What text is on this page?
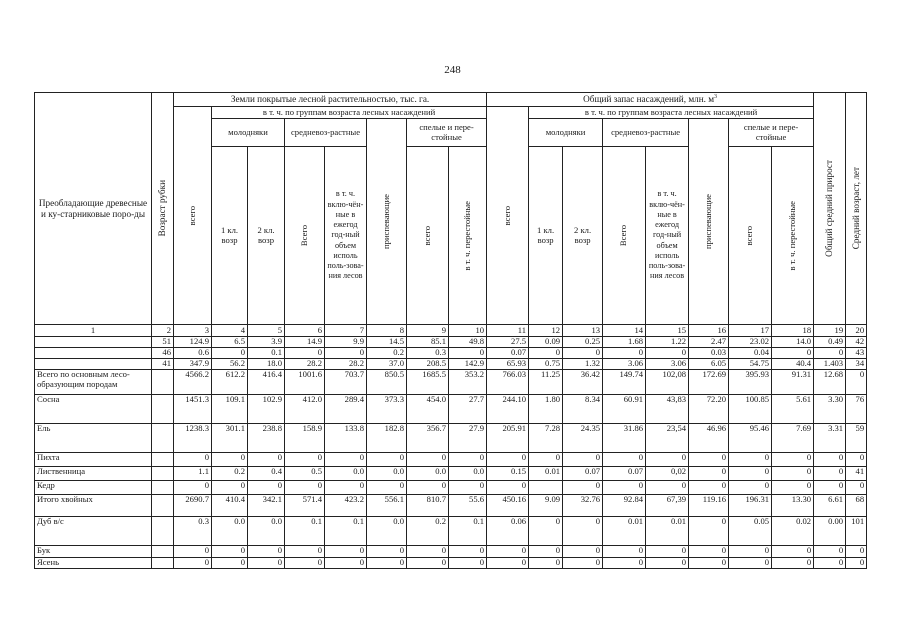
248
Преобладающие древесные и ку-старниковые поро-ды	Возраст рубки	Земли покрытые лесной растительностью, тыс. га.								Общий запас насаждений, млн. $м^3$								Общий средний прирост	Средний возраст, лет

		всего	в т. ч. по группам возраста лесных насаждений							всего	в т. ч. по группам возраста лесных насаждений								
			молодняки		средневоз-растные		приспевающие	спелые и пере-стойные			молодняки		средневоз-растные		приспевающие	спелые и пере-стойные			
			1 кл. возр	2 кл. возр	Всего	в т. ч. вклю-чён-ные в ежегод год-ный объем исполь поль-зова-ния лесов		всего	в т. ч. перестойные		1 кл. возр	2 кл. возр	Всего	в т. ч. вклю-чён-ные в ежегод год-ный объем исполь поль-зова-ния лесов		всего	в т. ч. перестойные		

1	2	3	4	5	6	7	8	9	10	11	12	13	14	15	16	17	18	19	20
	51	124.9	6.5	3.9	14.9	9.9	14.5	85.1	49.8	27.5	0.09	0.25	1.68	1.22	2.47	23.02	14.0	0.49	42
	46	0.6	0	0.1	0	0	0.2	0.3	0	0.07	0	0	0	0	0.03	0.04	0	0	43
	41	347.9	56.2	18.0	28.2	28.2	37.0	208.5	142.9	65.93	0.75	1.32	3.06	3.06	6.05	54.75	40.4	1.403	34
Всего по основным лесо-образующим породам		4566.2	612.2	416.4	1001.6	703.7	850.5	1685.5	353.2	766.03	11.25	36.42	149.74	102,08	172.69	395.93	91.31	12.68	0
Сосна		1451.3	109.1	102.9	412.0	289.4	373.3	454.0	27.7	244.10	1.80	8.34	60.91	43,83	72.20	100.85	5.61	3.30	76
Ель		1238.3	301.1	238.8	158.9	133.8	182.8	356.7	27.9	205.91	7.28	24.35	31.86	23,54	46.96	95.46	7.69	3.31	59
Пихта		0	0	0	0	0	0	0	0	0	0	0	0	0	0	0	0	0	0
Лиственница		1.1	0.2	0.4	0.5	0.0	0.0	0.0	0.0	0.15	0.01	0.07	0.07	0,02	0	0	0	0	41
Кедр		0	0	0	0	0	0	0	0	0		0	0	0	0	0	0	0	0
Итого хвойных		2690.7	410.4	342.1	571.4	423.2	556.1	810.7	55.6	450.16	9.09	32.76	92.84	67,39	119.16	196.31	13.30	6.61	68
Дуб в/с		0.3	0.0	0.0	0.1	0.1	0.0	0.2	0.1	0.06	0	0	0.01	0.01	0	0.05	0.02	0.00	101
Бук		0	0	0	0	0	0	0	0	0	0	0	0	0	0	0	0	0	0
Ясень		0	0	0	0	0	0	0	0	0	0	0	0	0	0	0	0	0	0
